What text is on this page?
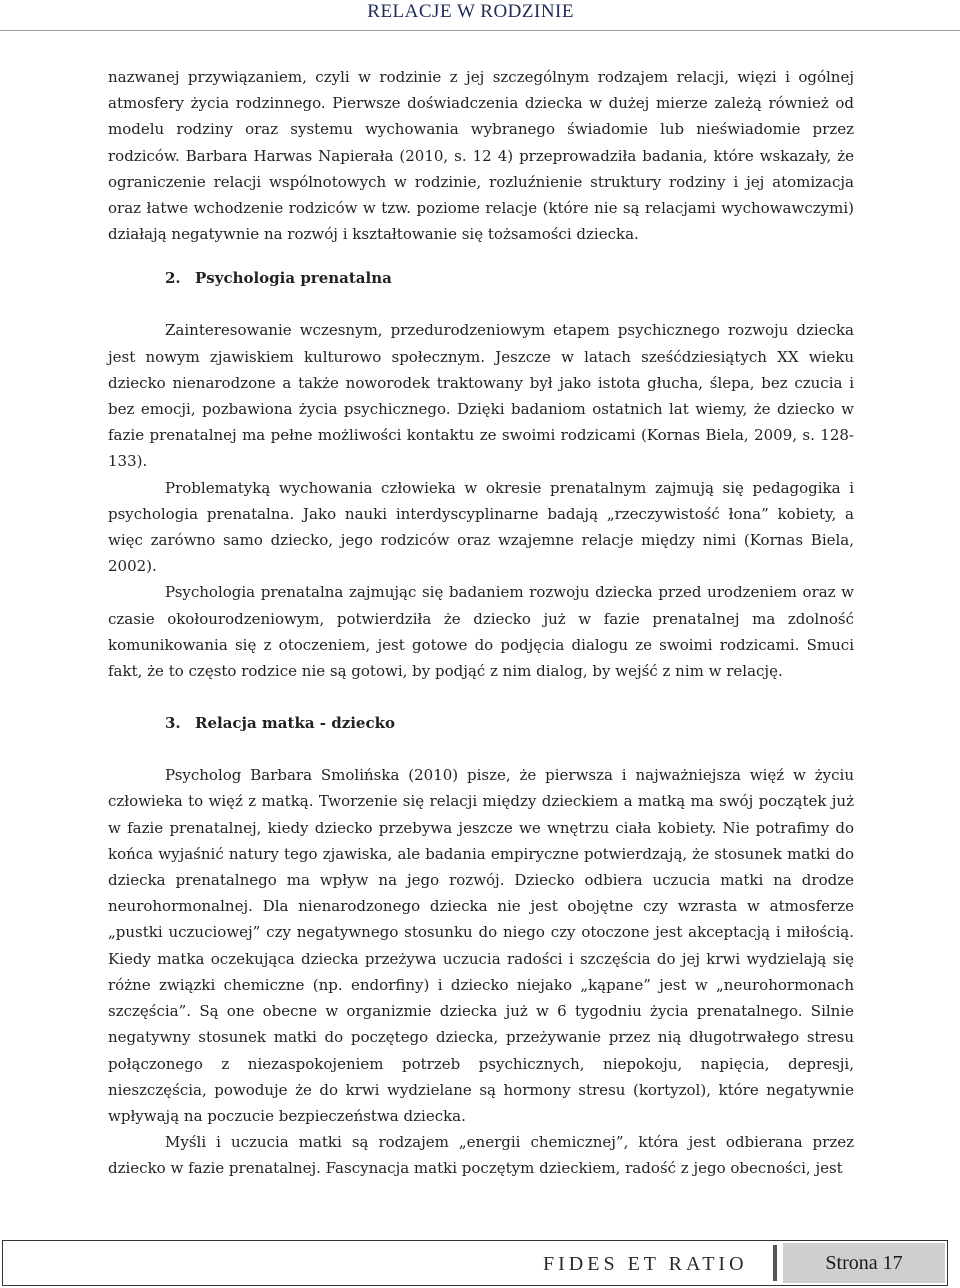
RELACJE W RODZINIE

nazwanej przywiązaniem, czyli w rodzinie z jej szczególnym rodzajem relacji, więzi i ogólnej atmosfery życia rodzinnego. Pierwsze doświadczenia dziecka w dużej mierze zależą również od modelu rodziny oraz systemu wychowania wybranego świadomie lub nieświadomie przez rodziców. Barbara Harwas Napierała (2010, s. 12 4) przeprowadziła badania, które wskazały, że ograniczenie relacji wspólnotowych w rodzinie, rozluźnienie struktury rodziny i jej atomizacja oraz łatwe wchodzenie rodziców w tzw. poziome relacje (które nie są relacjami wychowawczymi) działają negatywnie na rozwój i kształtowanie się tożsamości dziecka.

2. Psychologia prenatalna

Zainteresowanie wczesnym, przedurodzeniowym etapem psychicznego rozwoju dziecka jest nowym zjawiskiem kulturowo społecznym. Jeszcze w latach sześćdziesiątych XX wieku dziecko nienarodzone a także noworodek traktowany był jako istota głucha, ślepa, bez czucia i bez emocji, pozbawiona życia psychicznego. Dzięki badaniom ostatnich lat wiemy, że dziecko w fazie prenatalnej ma pełne możliwości kontaktu ze swoimi rodzicami (Kornas Biela, 2009, s. 128-133).

Problematyką wychowania człowieka w okresie prenatalnym zajmują się pedagogika i psychologia prenatalna. Jako nauki interdyscyplinarne badają „rzeczywistość łona” kobiety, a więc zarówno samo dziecko, jego rodziców oraz wzajemne relacje między nimi (Kornas Biela, 2002).

Psychologia prenatalna zajmując się badaniem rozwoju dziecka przed urodzeniem oraz w czasie okołourodzeniowym, potwierdziła że dziecko już w fazie prenatalnej ma zdolność komunikowania się z otoczeniem, jest gotowe do podjęcia dialogu ze swoimi rodzicami. Smuci fakt, że to często rodzice nie są gotowi, by podjąć z nim dialog, by wejść z nim w relację.

3. Relacja matka - dziecko

Psycholog Barbara Smolińska (2010) pisze, że pierwsza i najważniejsza więź w życiu człowieka to więź z matką. Tworzenie się relacji między dzieckiem a matką ma swój początek już w fazie prenatalnej, kiedy dziecko przebywa jeszcze we wnętrzu ciała kobiety. Nie potrafimy do końca wyjaśnić natury tego zjawiska, ale badania empiryczne potwierdzają, że stosunek matki do dziecka prenatalnego ma wpływ na jego rozwój. Dziecko odbiera uczucia matki na drodze neurohormonalnej. Dla nienarodzonego dziecka nie jest obojętne czy wzrasta w atmosferze „pustki uczuciowej” czy negatywnego stosunku do niego czy otoczone jest akceptacją i miłością. Kiedy matka oczekująca dziecka przeżywa uczucia radości i szczęścia do jej krwi wydzielają się różne związki chemiczne (np. endorfiny) i dziecko niejako „kąpane” jest w „neurohormonach szczęścia”. Są one obecne w organizmie dziecka już w 6 tygodniu życia prenatalnego. Silnie negatywny stosunek matki do poczętego dziecka, przeżywanie przez nią długotrwałego stresu połączonego z niezaspokojeniem potrzeb psychicznych, niepokoju, napięcia, depresji, nieszczęścia, powoduje że do krwi wydzielane są hormony stresu (kortyzol), które negatywnie wpływają na poczucie bezpieczeństwa dziecka.

Myśli i uczucia matki są rodzajem „energii chemicznej”, która jest odbierana przez dziecko w fazie prenatalnej. Fascynacja matki poczętym dzieckiem, radość z jego obecności, jest

FIDES ET RATIO	Strona 17
